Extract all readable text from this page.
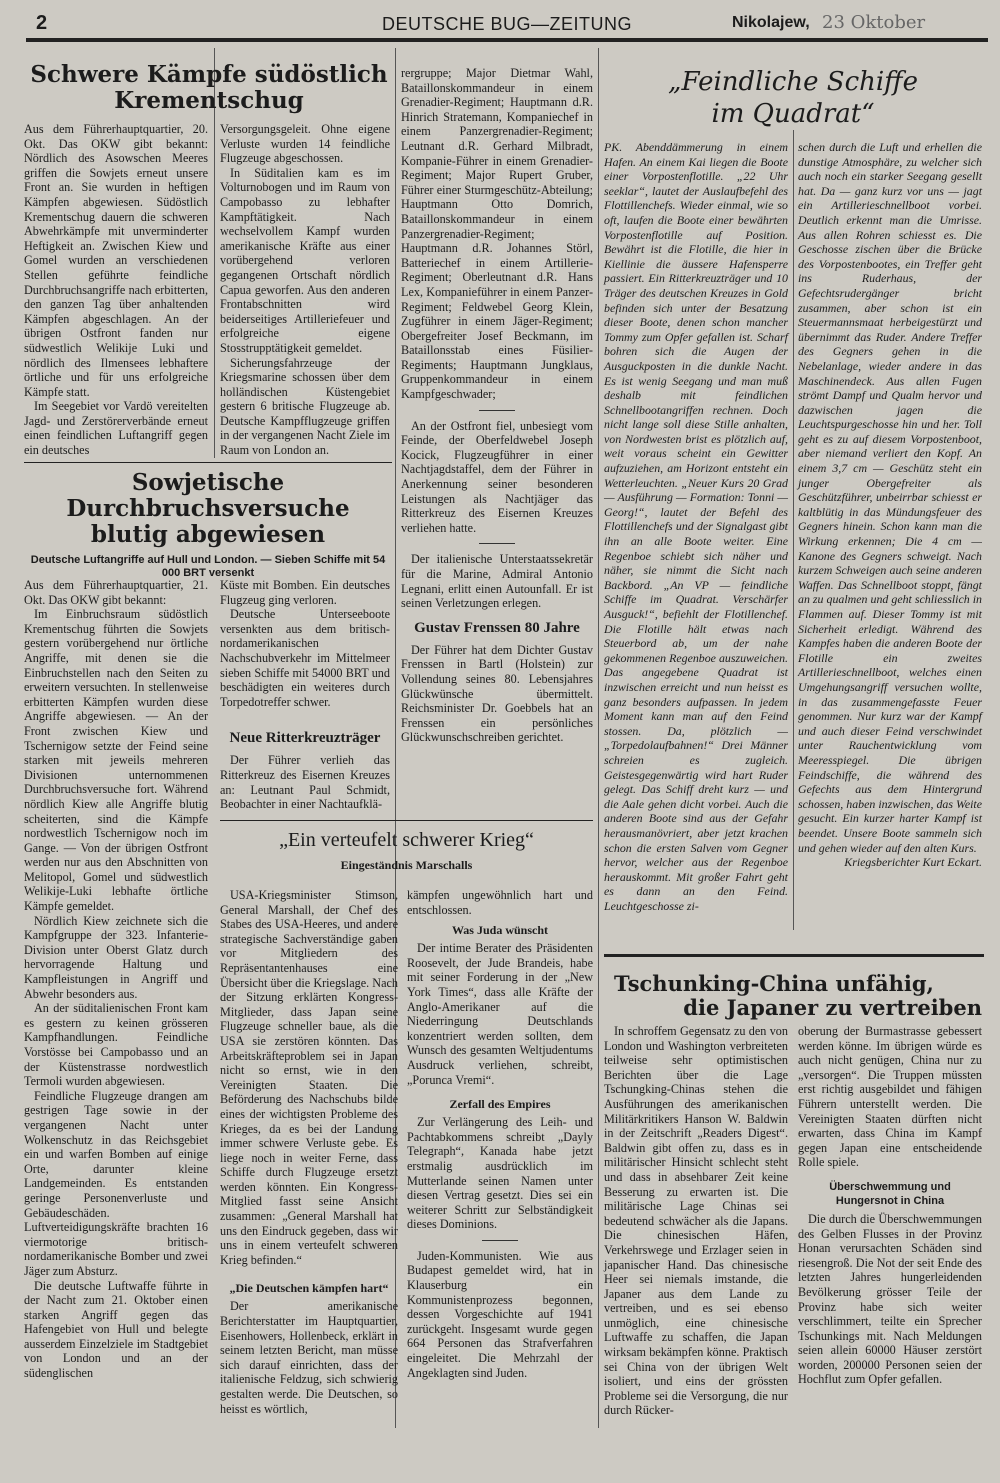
2	DEUTSCHE BUG—ZEITUNG	Nikolajew, 23 Oktober
Schwere Kämpfe südöstlich Krementschug

Aus dem Führerhauptquartier, 20. Okt. Das OKW gibt bekannt: Nördlich des Asowschen Meeres griffen die Sowjets erneut unsere Front an. Sie wurden in heftigen Kämpfen abgewiesen. Südöstlich Krementschug dauern die schweren Abwehrkämpfe mit unverminderter Heftigkeit an. Zwischen Kiew und Gomel wurden an verschiedenen Stellen geführte feindliche Durchbruchsangriffe nach erbitterten, den ganzen Tag über anhaltenden Kämpfen abgeschlagen. An der übrigen Ostfront fanden nur südwestlich Welikije Luki und nördlich des Ilmensees lebhaftere örtliche und für uns erfolgreiche Kämpfe statt.

Im Seegebiet vor Vardö vereitelten Jagd- und Zerstörerverbände erneut einen feindlichen Luftangriff gegen ein deutsches

Versorgungsgeleit. Ohne eigene Verluste wurden 14 feindliche Flugzeuge abgeschossen.

In Süditalien kam es im Volturnobogen und im Raum von Campobasso zu lebhafter Kampftätigkeit. Nach wechselvollem Kampf wurden amerikanische Kräfte aus einer vorübergehend verloren gegangenen Ortschaft nördlich Capua geworfen. Aus den anderen Frontabschnitten wird beiderseitiges Artilleriefeuer und erfolgreiche eigene Stosstrupptätigkeit gemeldet.

Sicherungsfahrzeuge der Kriegsmarine schossen über dem holländischen Küstengebiet gestern 6 britische Flugzeuge ab. Deutsche Kampfflugzeuge griffen in der vergangenen Nacht Ziele im Raum von London an.

rergruppe; Major Dietmar Wahl, Bataillonskommandeur in einem Grenadier-Regiment; Hauptmann d.R. Hinrich Stratemann, Kompaniechef in einem Panzergrenadier-Regiment; Leutnant d.R. Gerhard Milbradt, Kompanie-Führer in einem Grenadier-Regiment; Major Rupert Gruber, Führer einer Sturmgeschütz-Abteilung; Hauptmann Otto Domrich, Bataillonskommandeur in einem Panzergrenadier-Regiment; Hauptmann d.R. Johannes Störl, Batteriechef in einem Artillerie-Regiment; Oberleutnant d.R. Hans Lex, Kompanieführer in einem Panzer-Regiment; Feldwebel Georg Klein, Zugführer in einem Jäger-Regiment; Obergefreiter Josef Beckmann, im Bataillonsstab eines Füsilier-Regiments; Hauptmann Jungklaus, Gruppenkommandeur in einem Kampfgeschwader;

An der Ostfront fiel, unbesiegt vom Feinde, der Oberfeldwebel Joseph Kocick, Flugzeugführer in einer Nachtjagdstaffel, dem der Führer in Anerkennung seiner besonderen Leistungen als Nachtjäger das Ritterkreuz des Eisernen Kreuzes verliehen hatte.

Der italienische Unterstaatssekretär für die Marine, Admiral Antonio Legnani, erlitt einen Autounfall. Er ist seinen Verletzungen erlegen.

Gustav Frenssen 80 Jahre

Der Führer hat dem Dichter Gustav Frenssen in Bartl (Holstein) zur Vollendung seines 80. Lebensjahres Glückwünsche übermittelt. Reichsminister Dr. Goebbels hat an Frenssen ein persönliches Glückwunschschreiben gerichtet.

Sowjetische Durchbruchsversuche blutig abgewiesen
Deutsche Luftangriffe auf Hull und London. — Sieben Schiffe mit 54 000 BRT versenkt

Aus dem Führerhauptquartier, 21. Okt. Das OKW gibt bekannt:

Im Einbruchsraum südöstlich Krementschug führten die Sowjets gestern vorübergehend nur örtliche Angriffe, mit denen sie die Einbruchstellen nach den Seiten zu erweitern versuchten. In stellenweise erbitterten Kämpfen wurden diese Angriffe abgewiesen. — An der Front zwischen Kiew und Tschernigow setzte der Feind seine starken mit jeweils mehreren Divisionen unternommenen Durchbruchsversuche fort. Während nördlich Kiew alle Angriffe blutig scheiterten, sind die Kämpfe nordwestlich Tschernigow noch im Gange. — Von der übrigen Ostfront werden nur aus den Abschnitten von Melitopol, Gomel und südwestlich Welikije-Luki lebhafte örtliche Kämpfe gemeldet.

Nördlich Kiew zeichnete sich die Kampfgruppe der 323. Infanterie-Division unter Oberst Glatz durch hervorragende Haltung und Kampfleistungen in Angriff und Abwehr besonders aus.

An der süditalienischen Front kam es gestern zu keinen grösseren Kampfhandlungen. Feindliche Vorstösse bei Campobasso und an der Küstenstrasse nordwestlich Termoli wurden abgewiesen.

Feindliche Flugzeuge drangen am gestrigen Tage sowie in der vergangenen Nacht unter Wolkenschutz in das Reichsgebiet ein und warfen Bomben auf einige Orte, darunter kleine Landgemeinden. Es entstanden geringe Personenverluste und Gebäudeschäden. Luftverteidigungskräfte brachten 16 viermotorige britisch-nordamerikanische Bomber und zwei Jäger zum Absturz.

Die deutsche Luftwaffe führte in der Nacht zum 21. Oktober einen starken Angriff gegen das Hafengebiet von Hull und belegte ausserdem Einzelziele im Stadtgebiet von London und an der südenglischen

Küste mit Bomben. Ein deutsches Flugzeug ging verloren.

Deutsche Unterseeboote versenkten aus dem britisch-nordamerikanischen Nachschubverkehr im Mittelmeer sieben Schiffe mit 54000 BRT und beschädigten ein weiteres durch Torpedotreffer schwer.

Neue Ritterkreuzträger

Der Führer verlieh das Ritterkreuz des Eisernen Kreuzes an: Leutnant Paul Schmidt, Beobachter in einer Nachtaufklä-

„Ein verteufelt schwerer Krieg“
Eingeständnis Marschalls

USA-Kriegsminister Stimson, General Marshall, der Chef des Stabes des USA-Heeres, und andere strategische Sachverständige gaben vor Mitgliedern des Repräsentantenhauses eine Übersicht über die Kriegslage. Nach der Sitzung erklärten Kongress-Mitglieder, dass Japan seine Flugzeuge schneller baue, als die USA sie zerstören könnten. Das Arbeitskräfteproblem sei in Japan nicht so ernst, wie in den Vereinigten Staaten. Die Beförderung des Nachschubs bilde eines der wichtigsten Probleme des Krieges, da es bei der Landung immer schwere Verluste gebe. Es liege noch in weiter Ferne, dass Schiffe durch Flugzeuge ersetzt werden könnten. Ein Kongress-Mitglied fasst seine Ansicht zusammen: „General Marshall hat uns den Eindruck gegeben, dass wir uns in einem verteufelt schweren Krieg befinden.“

„Die Deutschen kämpfen hart“

Der amerikanische Berichterstatter im Hauptquartier, Eisenhowers, Hollenbeck, erklärt in seinem letzten Bericht, man müsse sich darauf einrichten, dass der italienische Feldzug, sich schwierig gestalten werde. Die Deutschen, so heisst es wörtlich,

kämpfen ungewöhnlich hart und entschlossen.

Was Juda wünscht

Der intime Berater des Präsidenten Roosevelt, der Jude Brandeis, habe mit seiner Forderung in der „New York Times“, dass alle Kräfte der Anglo-Amerikaner auf die Niederringung Deutschlands konzentriert werden sollten, dem Wunsch des gesamten Weltjudentums Ausdruck verliehen, schreibt, „Poruncа Vremi“.

Zerfall des Empires

Zur Verlängerung des Leih- und Pachtabkommens schreibt „Dayly Telegraph“, Kanada habe jetzt erstmalig ausdrücklich im Mutterlande seinen Namen unter diesen Vertrag gesetzt. Dies sei ein weiterer Schritt zur Selbständigkeit dieses Dominions.

Juden-Kommunisten. Wie aus Budapest gemeldet wird, hat in Klauserburg ein Kommunistenprozess begonnen, dessen Vorgeschichte auf 1941 zurückgeht. Insgesamt wurde gegen 664 Personen das Strafverfahren eingeleitet. Die Mehrzahl der Angeklagten sind Juden.

„Feindliche Schiffe
im Quadrat“

PK. Abenddämmerung in einem Hafen. An einem Kai liegen die Boote einer Vorpostenflotille. „22 Uhr seeklar“, lautet der Auslaufbefehl des Flottillenchefs. Wieder einmal, wie so oft, laufen die Boote einer bewährten Vorpostenflotille auf Position. Bewährt ist die Flotille, die hier in Kiellinie die äussere Hafensperre passiert. Ein Ritterkreuzträger und 10 Träger des deutschen Kreuzes in Gold befinden sich unter der Besatzung dieser Boote, denen schon mancher Tommy zum Opfer gefallen ist. Scharf bohren sich die Augen der Ausguckposten in die dunkle Nacht. Es ist wenig Seegang und man muß deshalb mit feindlichen Schnellbootangriffen rechnen. Doch nicht lange soll diese Stille anhalten, von Nordwesten brist es plötzlich auf, weit voraus scheint ein Gewitter aufzuziehen, am Horizont entsteht ein Wetterleuchten. „Neuer Kurs 20 Grad — Ausführung — Formation: Tonni — Georg!“, lautet der Befehl des Flottillenchefs und der Signalgast gibt ihn an alle Boote weiter. Eine Regenboe schiebt sich näher und näher, sie nimmt die Sicht nach Backbord. „An VP — feindliche Schiffe im Quadrat. Verschärfer Ausguck!“, befiehlt der Flotillenchef. Die Flotille hält etwas nach Steuerbord ab, um der nahe gekommenen Regenboe auszuweichen. Das angegebene Quadrat ist inzwischen erreicht und nun heisst es ganz besonders aufpassen. In jedem Moment kann man auf den Feind stossen. Da, plötzlich — „Torpedolaufbahnen!“ Drei Männer schreien es zugleich. Geistesgegenwärtig wird hart Ruder gelegt. Das Schiff dreht kurz — und die Aale gehen dicht vorbei. Auch die anderen Boote sind aus der Gefahr herausmanövriert, aber jetzt krachen schon die ersten Salven vom Gegner hervor, welcher aus der Regenboe herauskommt. Mit großer Fahrt geht es dann an den Feind. Leuchtgeschosse zi-

schen durch die Luft und erhellen die dunstige Atmosphäre, zu welcher sich auch noch ein starker Seegang gesellt hat. Da — ganz kurz vor uns — jagt ein Artillerieschnellboot vorbei. Deutlich erkennt man die Umrisse. Aus allen Rohren schiesst es. Die Geschosse zischen über die Brücke des Vorpostenbootes, ein Treffer geht ins Ruderhaus, der Gefechtsrudergänger bricht zusammen, aber schon ist ein Steuermannsmaat herbeigestürzt und übernimmt das Ruder. Andere Treffer des Gegners gehen in die Nebelanlage, wieder andere in das Maschinendeck. Aus allen Fugen strömt Dampf und Qualm hervor und dazwischen jagen die Leuchtspurgeschosse hin und her. Toll geht es zu auf diesem Vorpostenboot, aber niemand verliert den Kopf. An einem 3,7 cm — Geschütz steht ein junger Obergefreiter als Geschützführer, unbeirrbar schiesst er kaltblütig in das Mündungsfeuer des Gegners hinein. Schon kann man die Wirkung erkennen; Die 4 cm — Kanone des Gegners schweigt. Nach kurzem Schweigen auch seine anderen Waffen. Das Schnellboot stoppt, fängt an zu qualmen und geht schliesslich in Flammen auf. Dieser Tommy ist mit Sicherheit erledigt. Während des Kampfes haben die anderen Boote der Flotille ein zweites Artillerieschnellboot, welches einen Umgehungsangriff versuchen wollte, in das zusammengefasste Feuer genommen. Nur kurz war der Kampf und auch dieser Feind verschwindet unter Rauchentwicklung vom Meeresspiegel. Die übrigen Feindschiffe, die während des Gefechts aus dem Hintergrund schossen, haben inzwischen, das Weite gesucht. Ein kurzer harter Kampf ist beendet. Unsere Boote sammeln sich und gehen wieder auf den alten Kurs.

Kriegsberichter Kurt Eckart.

Tschunking-China unfähig,
die Japaner zu vertreiben

In schroffem Gegensatz zu den von London und Washington verbreiteten teilweise sehr optimistischen Berichten über die Lage Tschungking-Chinas stehen die Ausführungen des amerikanischen Militärkritikers Hanson W. Baldwin in der Zeitschrift „Readers Digest“. Baldwin gibt offen zu, dass es in militärischer Hinsicht schlecht steht und dass in absehbarer Zeit keine Besserung zu erwarten ist. Die militärische Lage Chinas sei bedeutend schwächer als die Japans. Die chinesischen Häfen, Verkehrswege und Erzlager seien in japanischer Hand. Das chinesische Heer sei niemals imstande, die Japaner aus dem Lande zu vertreiben, und es sei ebenso unmöglich, eine chinesische Luftwaffe zu schaffen, die Japan wirksam bekämpfen könne. Praktisch sei China von der übrigen Welt isoliert, und eins der grössten Probleme sei die Versorgung, die nur durch Rücker-

oberung der Burmastrasse gebessert werden könne. Im übrigen würde es auch nicht genügen, China nur zu „versorgen“. Die Truppen müssten erst richtig ausgebildet und fähigen Führern unterstellt werden. Die Vereinigten Staaten dürften nicht erwarten, dass China im Kampf gegen Japan eine entscheidende Rolle spiele.

Überschwemmung und Hungersnot in China

Die durch die Überschwemmungen des Gelben Flusses in der Provinz Honan verursachten Schäden sind riesengroß. Die Not der seit Ende des letzten Jahres hungerleidenden Bevölkerung grösser Teile der Provinz habe sich weiter verschlimmert, teilte ein Sprecher Tschunkings mit. Nach Meldungen seien allein 60000 Häuser zerstört worden, 200000 Personen seien der Hochflut zum Opfer gefallen.
